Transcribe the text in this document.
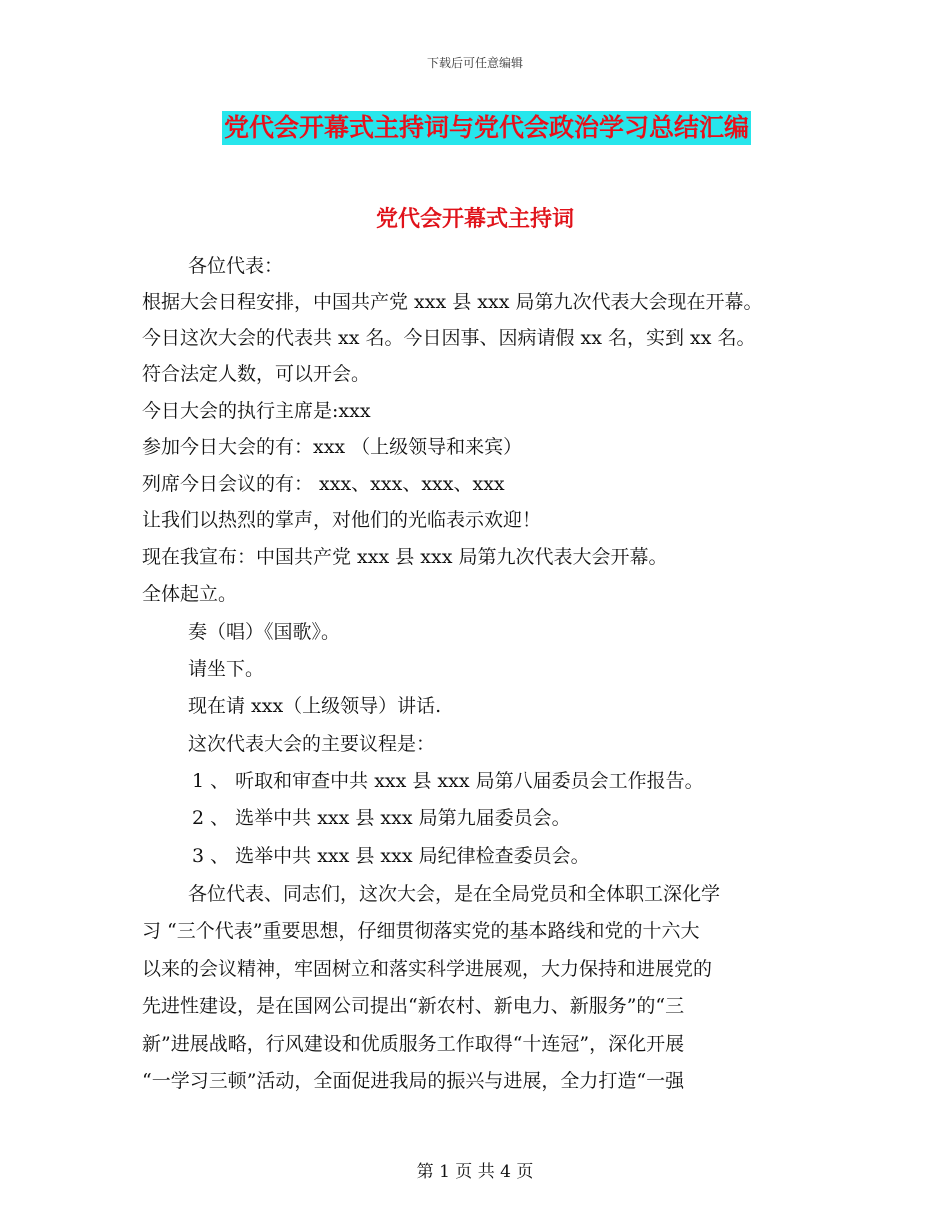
下载后可任意编辑
党代会开幕式主持词与党代会政治学习总结汇编
党代会开幕式主持词
各位代表：
根据大会日程安排，中国共产党 xxx 县 xxx 局第九次代表大会现在开幕。
今日这次大会的代表共 xx 名。今日因事、因病请假 xx 名，实到 xx 名。
符合法定人数，可以开会。
今日大会的执行主席是:xxx
参加今日大会的有：xxx （上级领导和来宾）
列席今日会议的有： xxx、xxx、xxx、xxx
让我们以热烈的掌声，对他们的光临表示欢迎！
现在我宣布：中国共产党 xxx 县 xxx 局第九次代表大会开幕。
全体起立。
奏（唱）《国歌》。
请坐下。
现在请 xxx（上级领导）讲话.
这次代表大会的主要议程是：
1 、 听取和审查中共 xxx 县 xxx 局第八届委员会工作报告。
2 、 选举中共 xxx 县 xxx 局第九届委员会。
3 、 选举中共 xxx 县 xxx 局纪律检查委员会。
各位代表、同志们，这次大会，是在全局党员和全体职工深化学
习 “三个代表”重要思想，仔细贯彻落实党的基本路线和党的十六大
以来的会议精神，牢固树立和落实科学进展观，大力保持和进展党的
先进性建设，是在国网公司提出“新农村、新电力、新服务”的“三
新”进展战略，行风建设和优质服务工作取得“十连冠”，深化开展
“一学习三顿”活动，全面促进我局的振兴与进展，全力打造“一强
第 1 页 共 4 页
